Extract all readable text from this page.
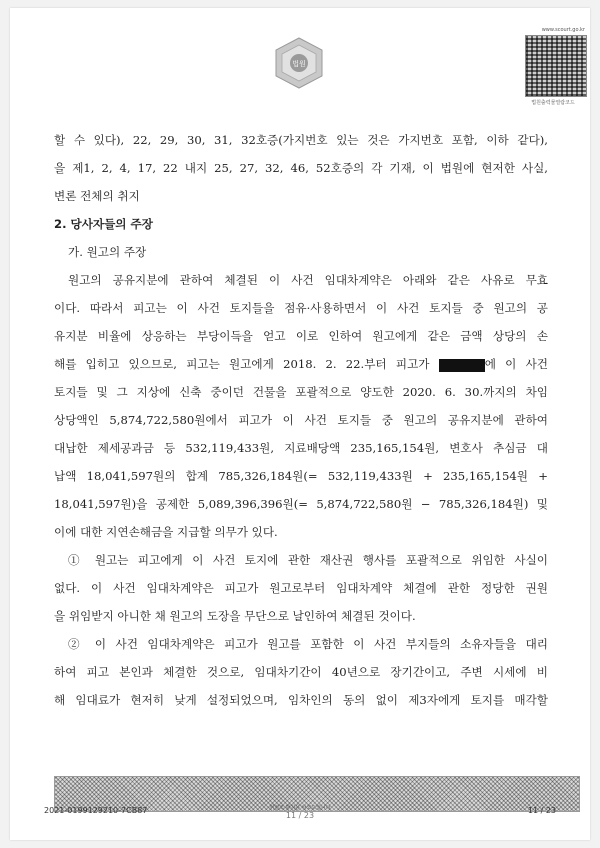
법원
www.scourt.go.kr
법원출력물열람코드
할 수 있다), 22, 29, 30, 31, 32호증(가지번호 있는 것은 가지번호 포함, 이하 같다),
을 제1, 2, 4, 17, 22 내지 25, 27, 32, 46, 52호증의 각 기재, 이 법원에 현저한 사실,
변론 전체의 취지
2. 당사자들의 주장
가. 원고의 주장
원고의 공유지분에 관하여 체결된 이 사건 임대차계약은 아래와 같은 사유로 무효
이다. 따라서 피고는 이 사건 토지들을 점유·사용하면서 이 사건 토지들 중 원고의 공
유지분 비율에 상응하는 부당이득을 얻고 이로 인하여 원고에게 같은 금액 상당의 손
해를 입히고 있으므로, 피고는 원고에게 2018. 2. 22.부터 피고가	에 이 사건
토지들 및 그 지상에 신축 중이던 건물을 포괄적으로 양도한 2020. 6. 30.까지의 차임
상당액인 5,874,722,580원에서 피고가 이 사건 토지들 중 원고의 공유지분에 관하여
대납한 제세공과금 등 532,119,433원, 지료배당액 235,165,154원, 변호사 추심금 대
납액 18,041,597원의 합계 785,326,184원(= 532,119,433원 + 235,165,154원 +
18,041,597원)을 공제한 5,089,396,396원(= 5,874,722,580원 − 785,326,184원) 및
이에 대한 지연손해금을 지급할 의무가 있다.
① 원고는 피고에게 이 사건 토지에 관한 재산권 행사를 포괄적으로 위임한 사실이
없다. 이 사건 임대차계약은 피고가 원고로부터 임대차계약 체결에 관한 정당한 권원
을 위임받지 아니한 채 원고의 도장을 무단으로 날인하여 체결된 것이다.
② 이 사건 임대차계약은 피고가 원고를 포함한 이 사건 부지들의 소유자들을 대리
하여 피고 본인과 체결한 것으로, 임대차기간이 40년으로 장기간이고, 주변 시세에 비
해 임대료가 현저히 낮게 설정되었으며, 임차인의 동의 없이 제3자에게 토지를 매각할
2021-0199129210-7CB87	위변조 방지용 바코드입니다
11 / 23
11 / 23
